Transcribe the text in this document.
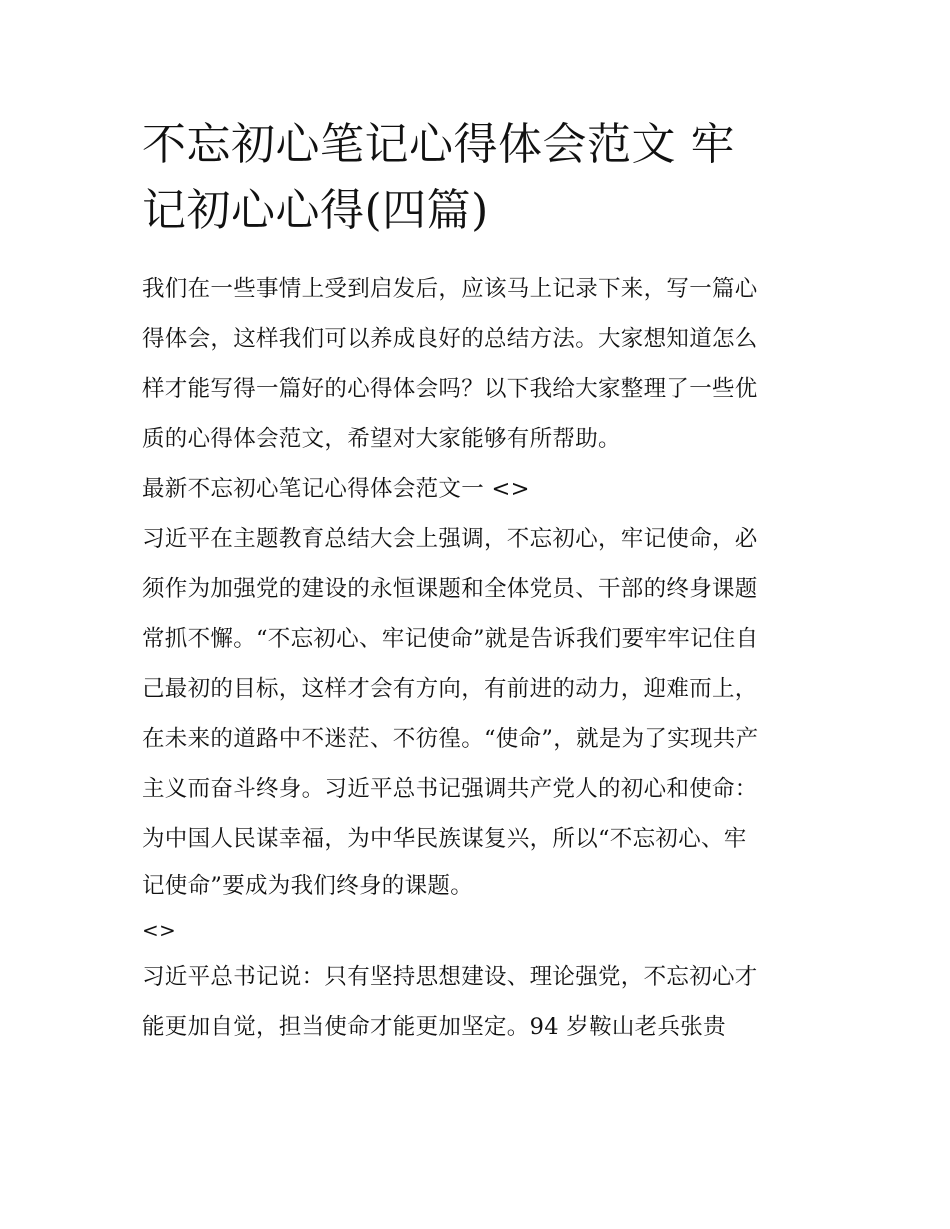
不忘初心笔记心得体会范文 牢
记初心心得(四篇)
我们在一些事情上受到启发后，应该马上记录下来，写一篇心
得体会，这样我们可以养成良好的总结方法。大家想知道怎么
样才能写得一篇好的心得体会吗？以下我给大家整理了一些优
质的心得体会范文，希望对大家能够有所帮助。
最新不忘初心笔记心得体会范文一 <>
习近平在主题教育总结大会上强调，不忘初心，牢记使命，必
须作为加强党的建设的永恒课题和全体党员、干部的终身课题
常抓不懈。“不忘初心、牢记使命”就是告诉我们要牢牢记住自
己最初的目标，这样才会有方向，有前进的动力，迎难而上，
在未来的道路中不迷茫、不彷徨。“使命”，就是为了实现共产
主义而奋斗终身。习近平总书记强调共产党人的初心和使命：
为中国人民谋幸福，为中华民族谋复兴，所以“不忘初心、牢
记使命”要成为我们终身的课题。
<>
习近平总书记说：只有坚持思想建设、理论强党，不忘初心才
能更加自觉，担当使命才能更加坚定。94 岁鞍山老兵张贵
